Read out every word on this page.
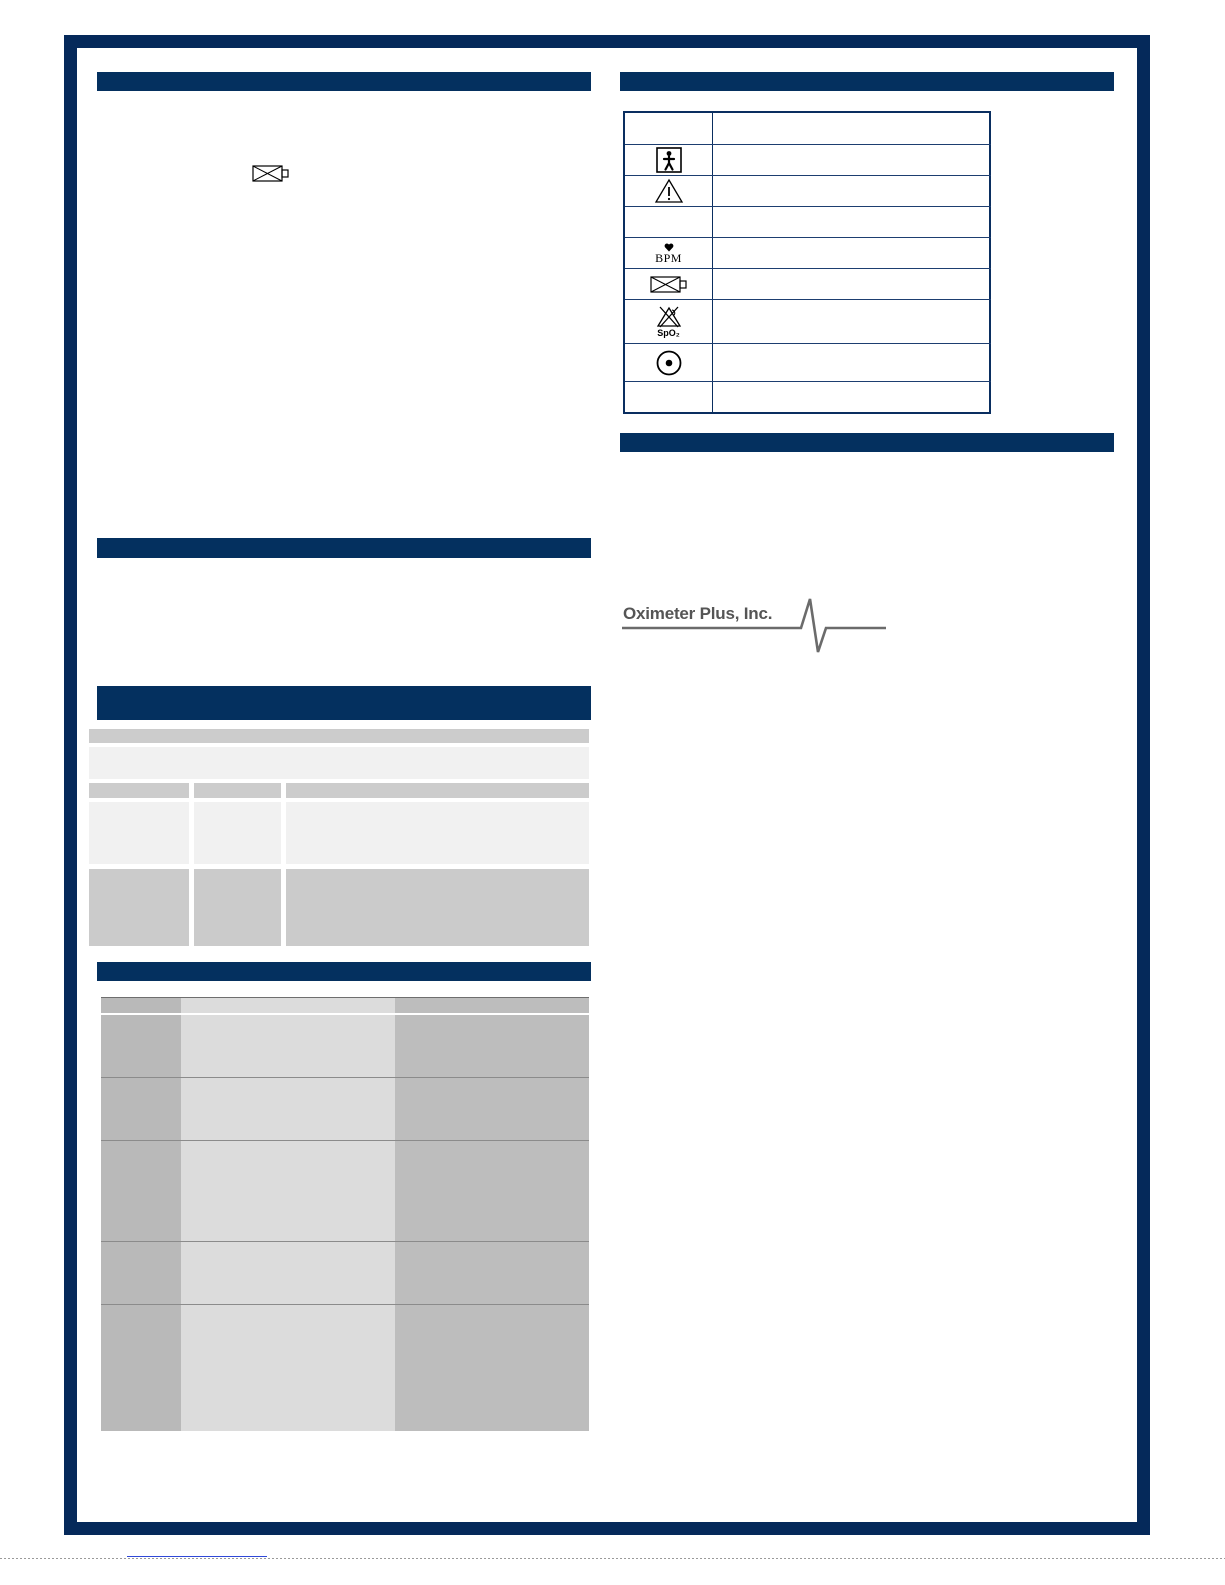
BPM
SpO₂
Oximeter Plus, Inc.
